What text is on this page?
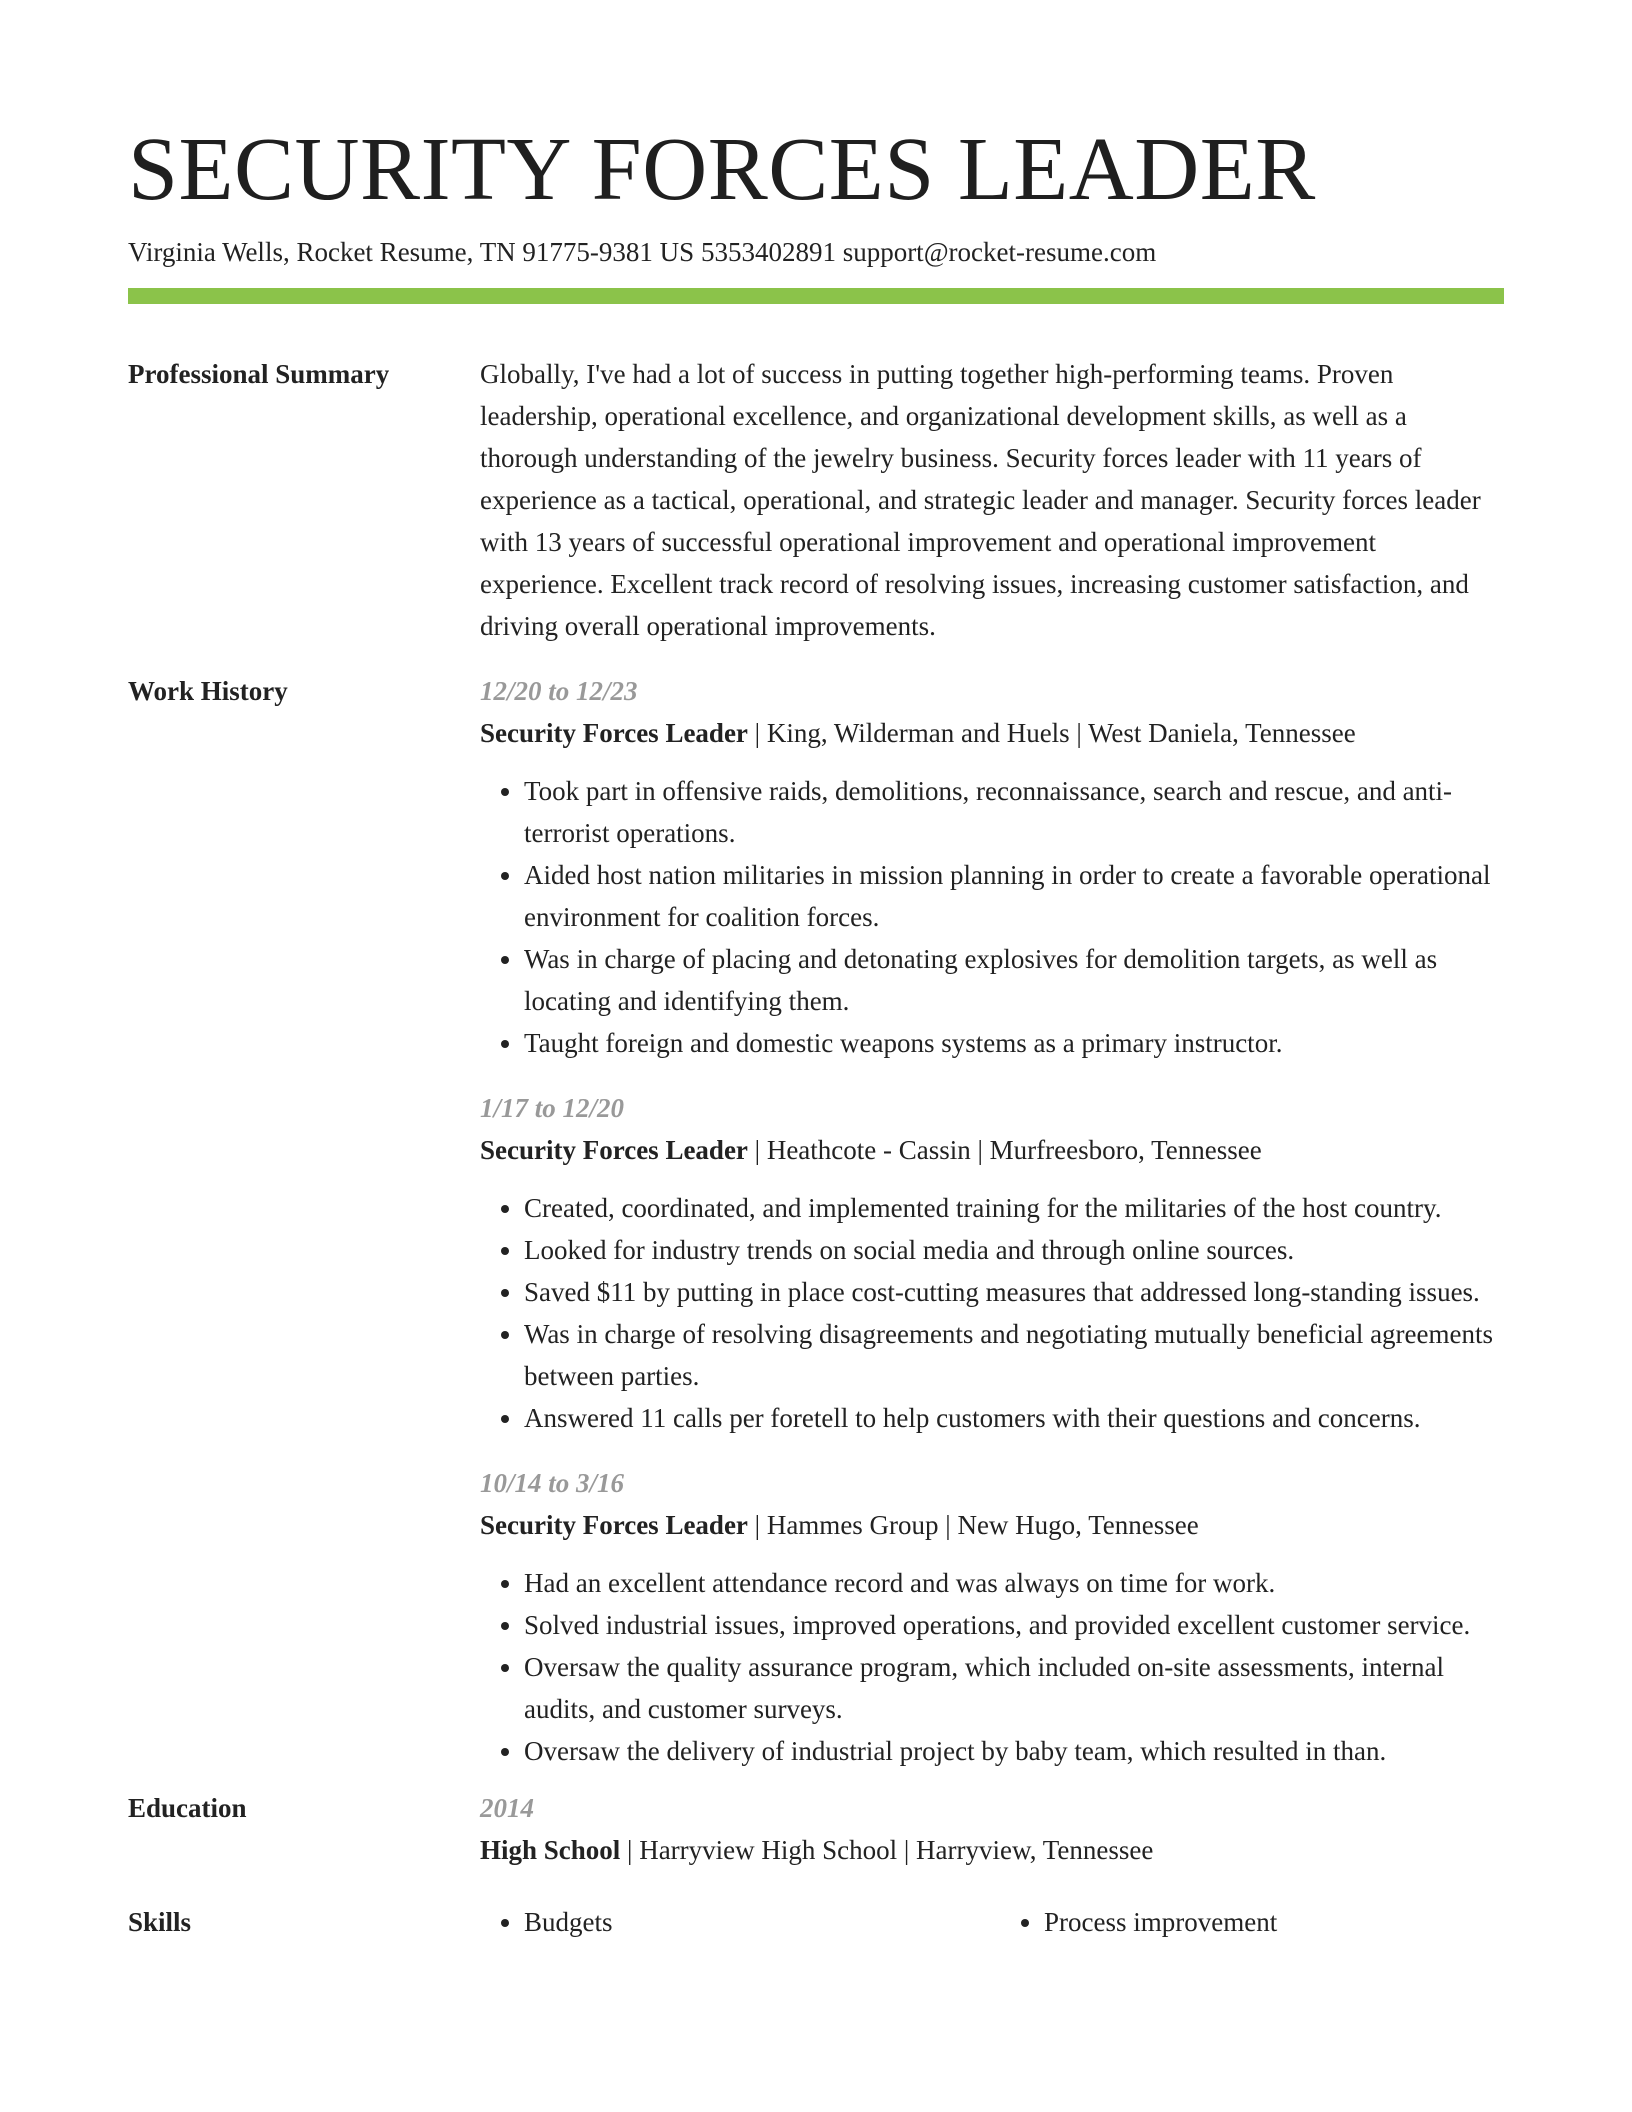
SECURITY FORCES LEADER
Virginia Wells, Rocket Resume, TN 91775-9381 US 5353402891 support@rocket-resume.com
Professional Summary	Globally, I've had a lot of success in putting together high-performing teams. Proven leadership, operational excellence, and organizational development skills, as well as a thorough understanding of the jewelry business. Security forces leader with 11 years of experience as a tactical, operational, and strategic leader and manager. Security forces leader with 13 years of successful operational improvement and operational improvement experience. Excellent track record of resolving issues, increasing customer satisfaction, and driving overall operational improvements.
Work History	12/20 to 12/23
Security Forces Leader | King, Wilderman and Huels | West Daniela, Tennessee
• Took part in offensive raids, demolitions, reconnaissance, search and rescue, and anti-terrorist operations.
• Aided host nation militaries in mission planning in order to create a favorable operational environment for coalition forces.
• Was in charge of placing and detonating explosives for demolition targets, as well as locating and identifying them.
• Taught foreign and domestic weapons systems as a primary instructor.
1/17 to 12/20
Security Forces Leader | Heathcote - Cassin | Murfreesboro, Tennessee
• Created, coordinated, and implemented training for the militaries of the host country.
• Looked for industry trends on social media and through online sources.
• Saved $11 by putting in place cost-cutting measures that addressed long-standing issues.
• Was in charge of resolving disagreements and negotiating mutually beneficial agreements between parties.
• Answered 11 calls per foretell to help customers with their questions and concerns.
10/14 to 3/16
Security Forces Leader | Hammes Group | New Hugo, Tennessee
• Had an excellent attendance record and was always on time for work.
• Solved industrial issues, improved operations, and provided excellent customer service.
• Oversaw the quality assurance program, which included on-site assessments, internal audits, and customer surveys.
• Oversaw the delivery of industrial project by baby team, which resulted in than.
Education	2014
High School | Harryview High School | Harryview, Tennessee
Skills	• Budgets	• Process improvement
